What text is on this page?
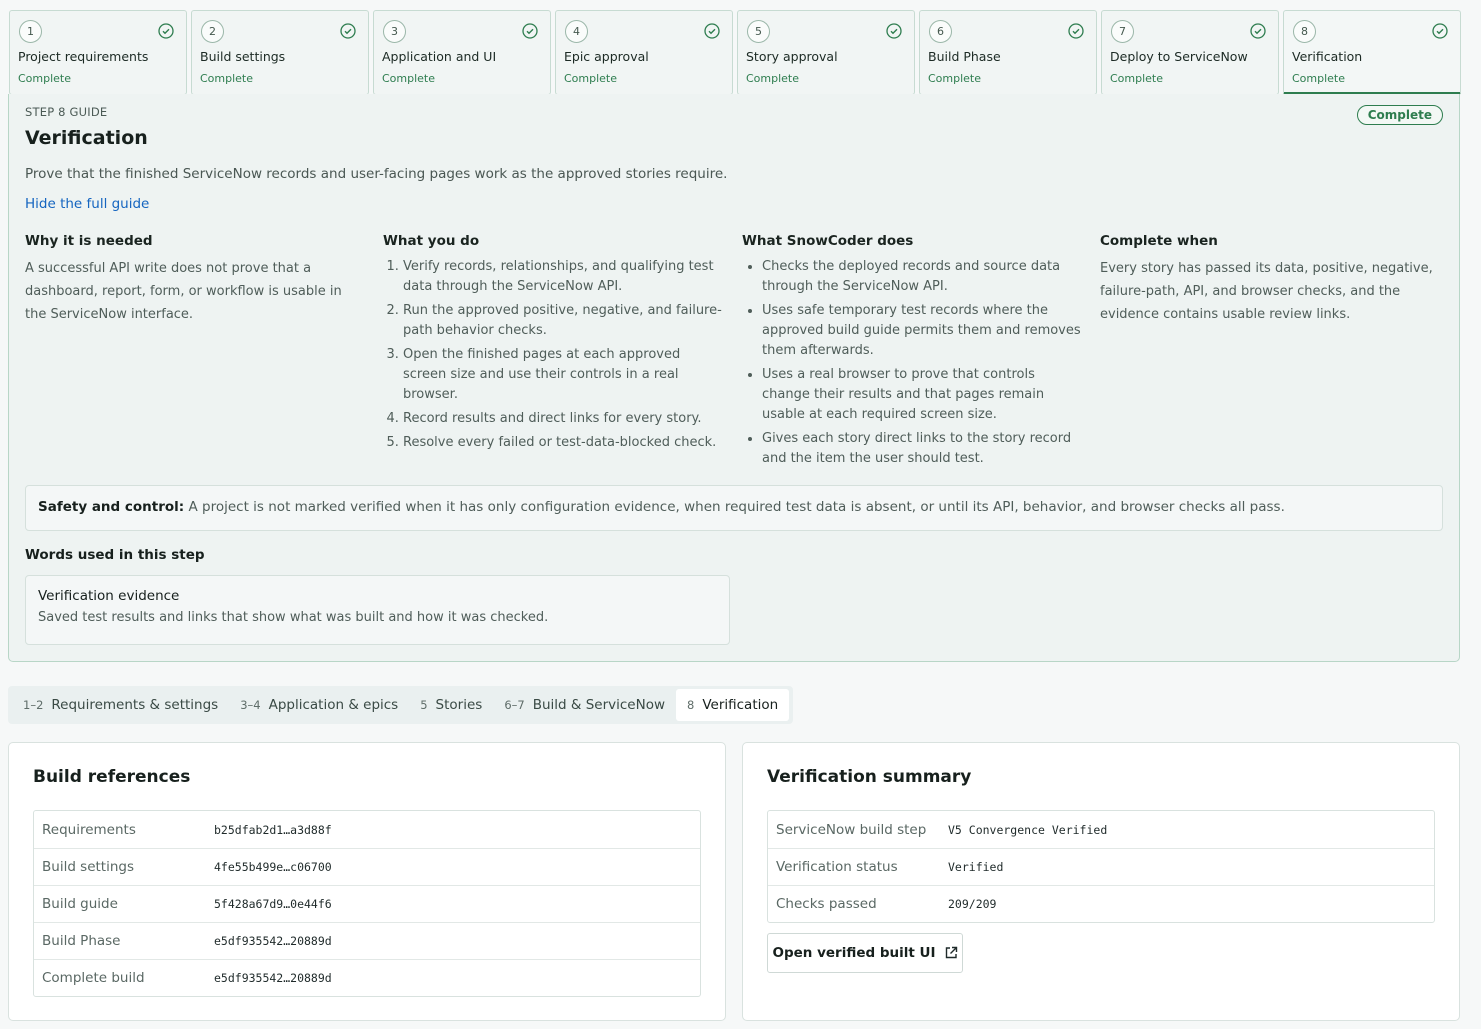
1
Project requirements
Complete
2
Build settings
Complete
3
Application and UI
Complete
4
Epic approval
Complete
5
Story approval
Complete
6
Build Phase
Complete
7
Deploy to ServiceNow
Complete
8
Verification
Complete
STEP 8 GUIDE	Complete
Verification

Prove that the finished ServiceNow records and user-facing pages work as the approved stories require.

Hide the full guide
Why it is needed

A successful API write does not prove that a dashboard, report, form, or workflow is usable in the ServiceNow interface.

What you do
1. Verify records, relationships, and qualifying test data through the ServiceNow API.
2. Run the approved positive, negative, and failure-path behavior checks.
3. Open the finished pages at each approved screen size and use their controls in a real browser.
4. Record results and direct links for every story.
5. Resolve every failed or test-data-blocked check.
What SnowCoder does
• Checks the deployed records and source data through the ServiceNow API.
• Uses safe temporary test records where the approved build guide permits them and removes them afterwards.
• Uses a real browser to prove that controls change their results and that pages remain usable at each required screen size.
• Gives each story direct links to the story record and the item the user should test.
Complete when

Every story has passed its data, positive, negative, failure-path, API, and browser checks, and the evidence contains usable review links.

Safety and control: A project is not marked verified when it has only configuration evidence, when required test data is absent, or until its API, behavior, and browser checks all pass.
Words used in this step
Verification evidence
Saved test results and links that show what was built and how it was checked.
1–2 Requirements & settings 3–4 Application & epics 5 Stories 6–7 Build & ServiceNow 8 Verification
Build references
Requirements	b25dfab2d1…a3d88f
Build settings	4fe55b499e…c06700
Build guide	5f428a67d9…0e44f6
Build Phase	e5df935542…20889d
Complete build	e5df935542…20889d
Verification summary
ServiceNow build step	V5 Convergence Verified
Verification status	Verified
Checks passed	209/209
Open verified built UI
